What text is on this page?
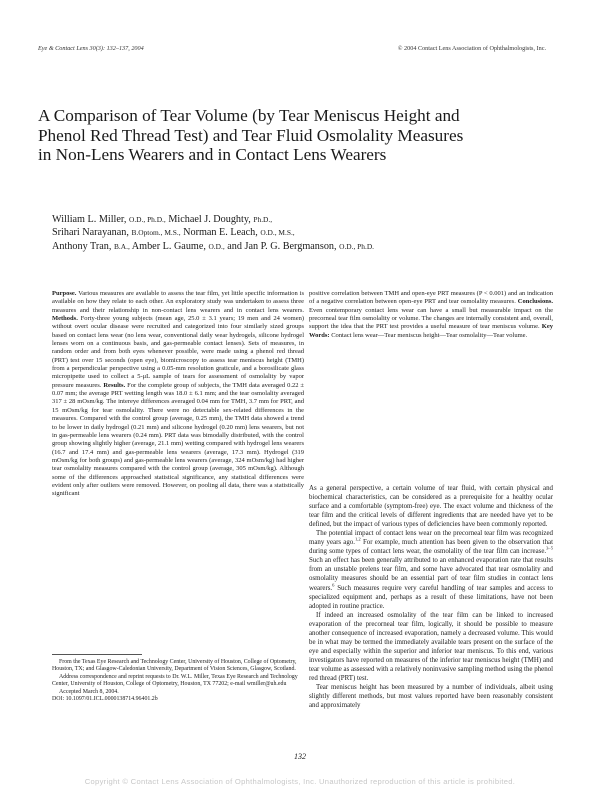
Eye & Contact Lens 30(3): 132–137, 2004	© 2004 Contact Lens Association of Ophthalmologists, Inc.
A Comparison of Tear Volume (by Tear Meniscus Height and Phenol Red Thread Test) and Tear Fluid Osmolality Measures in Non-Lens Wearers and in Contact Lens Wearers
William L. Miller, O.D., Ph.D., Michael J. Doughty, Ph.D.,
Srihari Narayanan, B.Optom., M.S., Norman E. Leach, O.D., M.S.,
Anthony Tran, B.A., Amber L. Gaume, O.D., and Jan P. G. Bergmanson, O.D., Ph.D.
Purpose. Various measures are available to assess the tear film, yet little specific information is available on how they relate to each other. An exploratory study was undertaken to assess three measures and their relationship in non-contact lens wearers and in contact lens wearers. Methods. Forty-three young subjects (mean age, 25.0 ± 3.1 years; 19 men and 24 women) without overt ocular disease were recruited and categorized into four similarly sized groups based on contact lens wear (no lens wear, conventional daily wear hydrogels, silicone hydrogel lenses worn on a continuous basis, and gas-permeable contact lenses). Sets of measures, in random order and from both eyes whenever possible, were made using a phenol red thread (PRT) test over 15 seconds (open eye), biomicroscopy to assess tear meniscus height (TMH) from a perpendicular perspective using a 0.05-mm resolution graticule, and a borosilicate glass micropipette used to collect a 5-μL sample of tears for assessment of osmolality by vapor pressure measures. Results. For the complete group of subjects, the TMH data averaged 0.22 ± 0.07 mm; the average PRT wetting length was 18.0 ± 6.1 mm; and the tear osmolality averaged 317 ± 28 mOsm/kg. The intereye differences averaged 0.04 mm for TMH, 3.7 mm for PRT, and 15 mOsm/kg for tear osmolality. There were no detectable sex-related differences in the measures. Compared with the control group (average, 0.25 mm), the TMH data showed a trend to be lower in daily hydrogel (0.21 mm) and silicone hydrogel (0.20 mm) lens wearers, but not in gas-permeable lens wearers (0.24 mm). PRT data was bimodally distributed, with the control group showing slightly higher (average, 21.1 mm) wetting compared with hydrogel lens wearers (16.7 and 17.4 mm) and gas-permeable lens wearers (average, 17.3 mm). Hydrogel (319 mOsm/kg for both groups) and gas-permeable lens wearers (average, 324 mOsm/kg) had higher tear osmolality measures compared with the control group (average, 305 mOsm/kg). Although some of the differences approached statistical significance, any statistical differences were evident only after outliers were removed. However, on pooling all data, there was a statistically significant
positive correlation between TMH and open-eye PRT measures (P < 0.001) and an indication of a negative correlation between open-eye PRT and tear osmolality measures. Conclusions. Even contemporary contact lens wear can have a small but measurable impact on the precorneal tear film osmolality or volume. The changes are internally consistent and, overall, support the idea that the PRT test provides a useful measure of tear meniscus volume. Key Words: Contact lens wear—Tear meniscus height—Tear osmolality—Tear volume.

As a general perspective, a certain volume of tear fluid, with certain physical and biochemical characteristics, can be considered as a prerequisite for a healthy ocular surface and a comfortable (symptom-free) eye. The exact volume and thickness of the tear film and the critical levels of different ingredients that are needed have yet to be defined, but the impact of various types of deficiencies have been commonly reported.

The potential impact of contact lens wear on the precorneal tear film was recognized many years ago.$^{1,2}$ For example, much attention has been given to the observation that during some types of contact lens wear, the osmolality of the tear film can increase.$^{3-5}$ Such an effect has been generally attributed to an enhanced evaporation rate that results from an unstable prelens tear film, and some have advocated that tear osmolality and osmolality measures should be an essential part of tear film studies in contact lens wearers.$^6$ Such measures require very careful handling of tear samples and access to specialized equipment and, perhaps as a result of these limitations, have not been adopted in routine practice.

If indeed an increased osmolality of the tear film can be linked to increased evaporation of the precorneal tear film, logically, it should be possible to measure another consequence of increased evaporation, namely a decreased volume. This would be in what may be termed the immediately available tears present on the surface of the eye and especially within the superior and inferior tear meniscus. To this end, various investigators have reported on measures of the inferior tear meniscus height (TMH) and tear volume as assessed with a relatively noninvasive sampling method using the phenol red thread (PRT) test.

Tear meniscus height has been measured by a number of individuals, albeit using slightly different methods, but most values reported have been reasonably consistent and approximately

From the Texas Eye Research and Technology Center, University of Houston, College of Optometry, Houston, TX; and Glasgow-Caledonian University, Department of Vision Sciences, Glasgow, Scotland.

Address correspondence and reprint requests to Dr. W.L. Miller, Texas Eye Research and Technology Center, University of Houston, College of Optometry, Houston, TX 77202; e-mail wmiller@uh.edu

Accepted March 8, 2004.

DOI: 10.1097/01.ICL.0000138714.96401.2b

132
Copyright © Contact Lens Association of Ophthalmologists, Inc. Unauthorized reproduction of this article is prohibited.
